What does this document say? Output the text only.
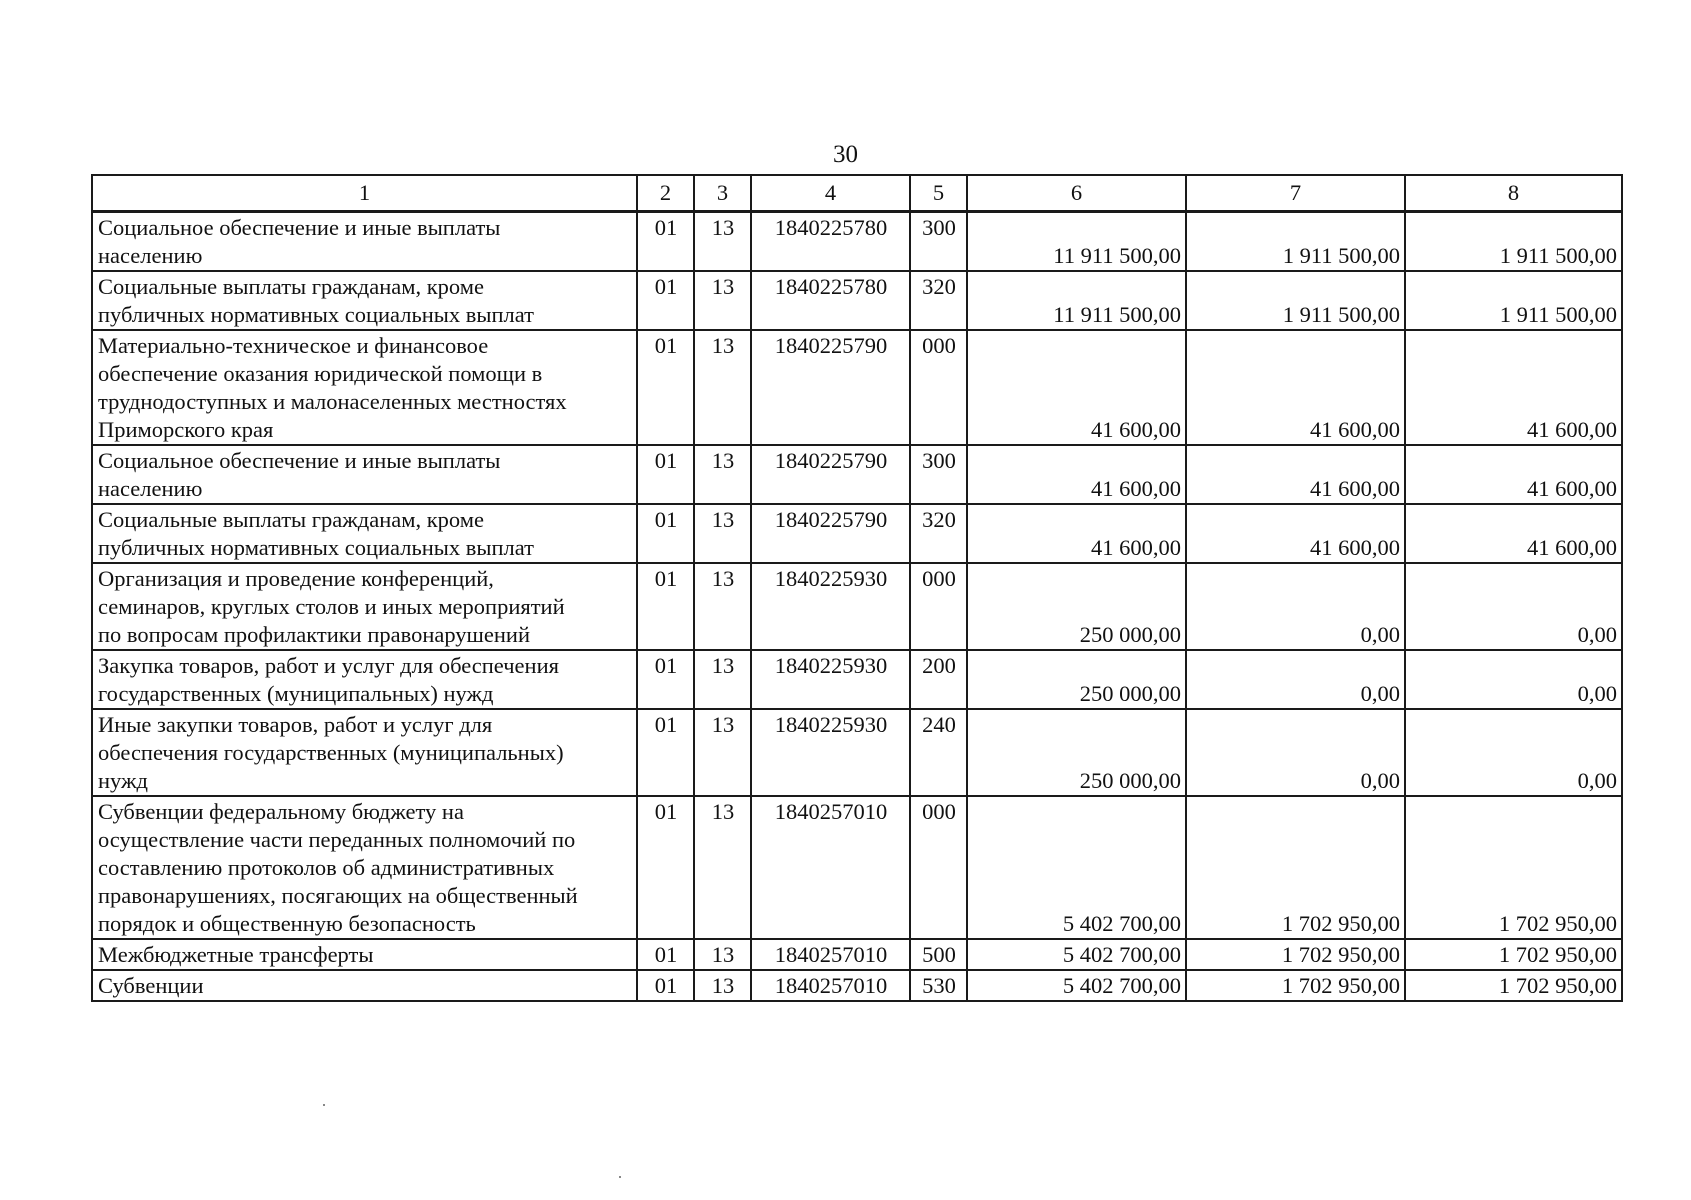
30
1	2	3	4	5	6	7	8

Социальное обеспечение и иные выплаты
населению	01	13	1840225780	300	11 911 500,00	1 911 500,00	1 911 500,00

Социальные выплаты гражданам, кроме
публичных нормативных социальных выплат	01	13	1840225780	320	11 911 500,00	1 911 500,00	1 911 500,00

Материально-техническое и финансовое
обеспечение оказания юридической помощи в
труднодоступных и малонаселенных местностях
Приморского края	01	13	1840225790	000	41 600,00	41 600,00	41 600,00

Социальное обеспечение и иные выплаты
населению	01	13	1840225790	300	41 600,00	41 600,00	41 600,00

Социальные выплаты гражданам, кроме
публичных нормативных социальных выплат	01	13	1840225790	320	41 600,00	41 600,00	41 600,00

Организация и проведение конференций,
семинаров, круглых столов и иных мероприятий
по вопросам профилактики правонарушений	01	13	1840225930	000	250 000,00	0,00	0,00

Закупка товаров, работ и услуг для обеспечения
государственных (муниципальных) нужд	01	13	1840225930	200	250 000,00	0,00	0,00

Иные закупки товаров, работ и услуг для
обеспечения государственных (муниципальных)
нужд	01	13	1840225930	240	250 000,00	0,00	0,00

Субвенции федеральному бюджету на
осуществление части переданных полномочий по
составлению протоколов об административных
правонарушениях, посягающих на общественный
порядок и общественную безопасность	01	13	1840257010	000	5 402 700,00	1 702 950,00	1 702 950,00

Межбюджетные трансферты	01	13	1840257010	500	5 402 700,00	1 702 950,00	1 702 950,00

Субвенции	01	13	1840257010	530	5 402 700,00	1 702 950,00	1 702 950,00
